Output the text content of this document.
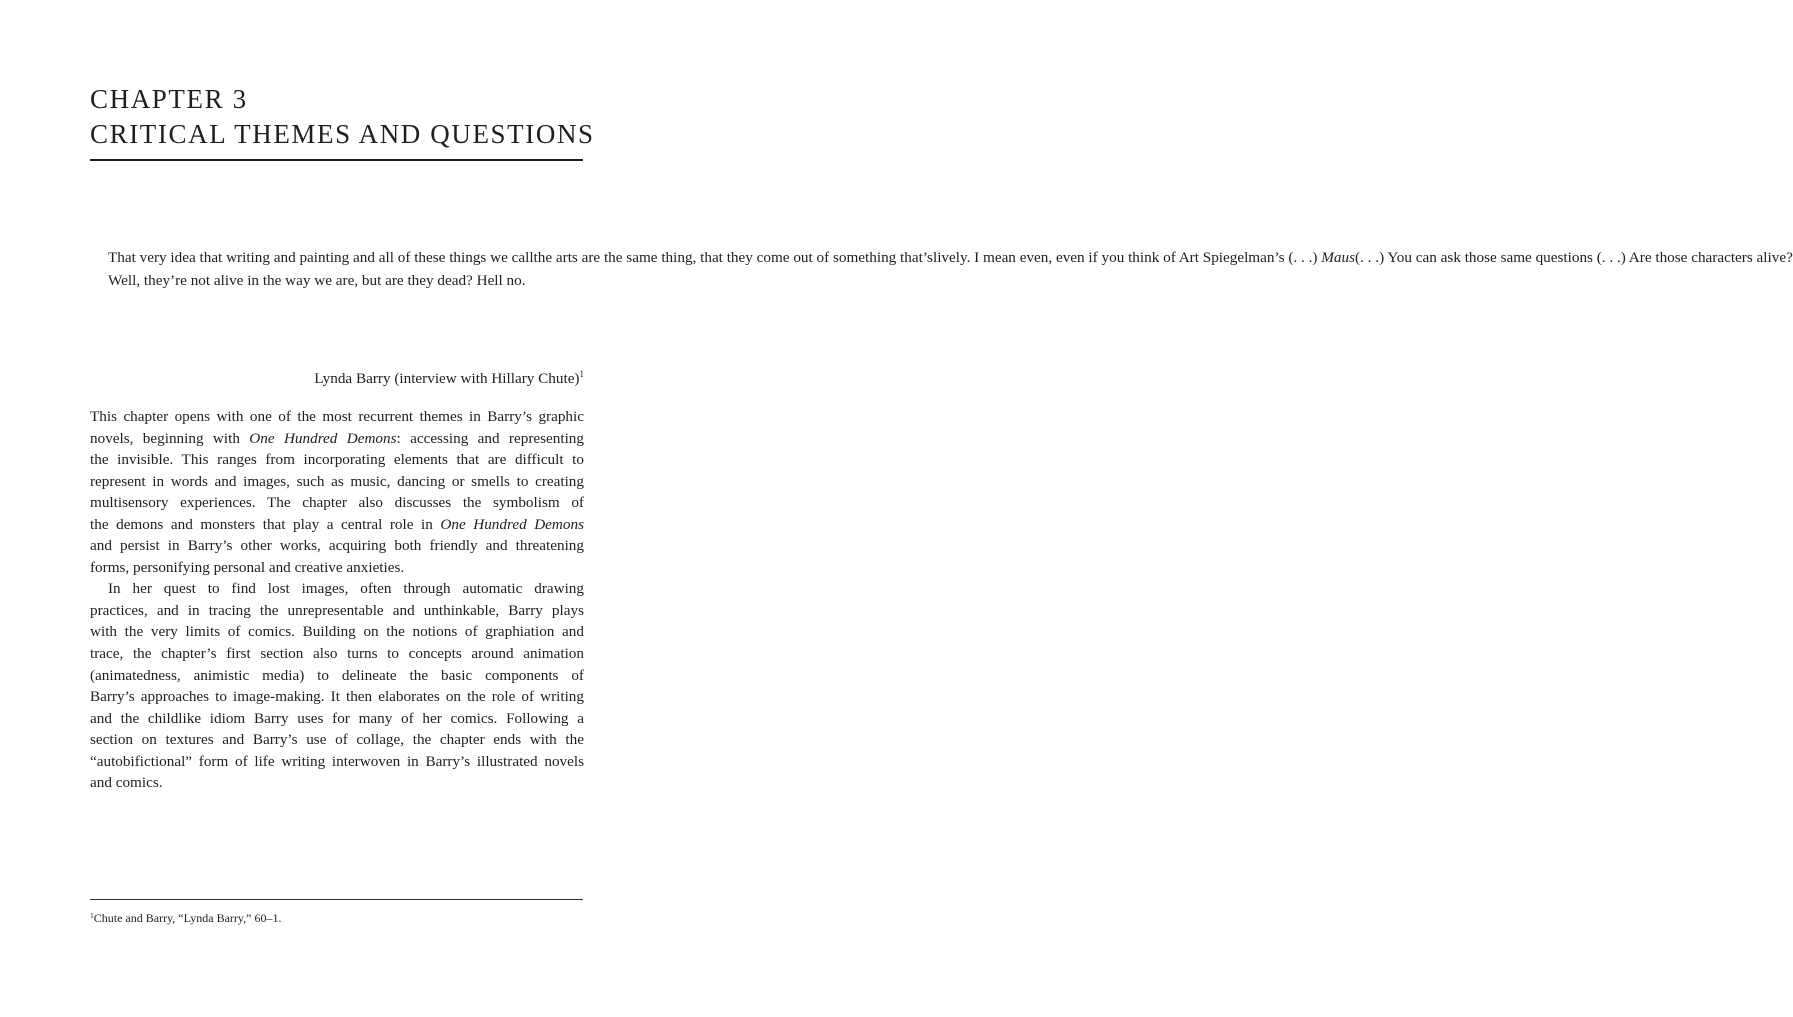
CHAPTER 3
CRITICAL THEMES AND QUESTIONS
That very idea that writing and painting and all of these things we callthe arts are the same thing, that they come out of something that’slively. I mean even, even if you think of Art Spiegelman’s (. . .) Maus(. . .) You can ask those same questions (. . .) Are those characters alive?Well, they’re not alive in the way we are, but are they dead? Hell no.
Lynda Barry (interview with Hillary Chute)$^1$
This chapter opens with one of the most recurrent themes in Barry’s graphic
novels, beginning with One Hundred Demons: accessing and representing
the invisible. This ranges from incorporating elements that are difficult to
represent in words and images, such as music, dancing or smells to creating
multisensory experiences. The chapter also discusses the symbolism of
the demons and monsters that play a central role in One Hundred Demons
and persist in Barry’s other works, acquiring both friendly and threatening
forms, personifying personal and creative anxieties.
In her quest to find lost images, often through automatic drawing
practices, and in tracing the unrepresentable and unthinkable, Barry plays
with the very limits of comics. Building on the notions of graphiation and
trace, the chapter’s first section also turns to concepts around animation
(animatedness, animistic media) to delineate the basic components of
Barry’s approaches to image-making. It then elaborates on the role of writing
and the childlike idiom Barry uses for many of her comics. Following a
section on textures and Barry’s use of collage, the chapter ends with the
“autobifictional” form of life writing interwoven in Barry’s illustrated novels
and comics.
$^1$Chute and Barry, “Lynda Barry,” 60–1.
